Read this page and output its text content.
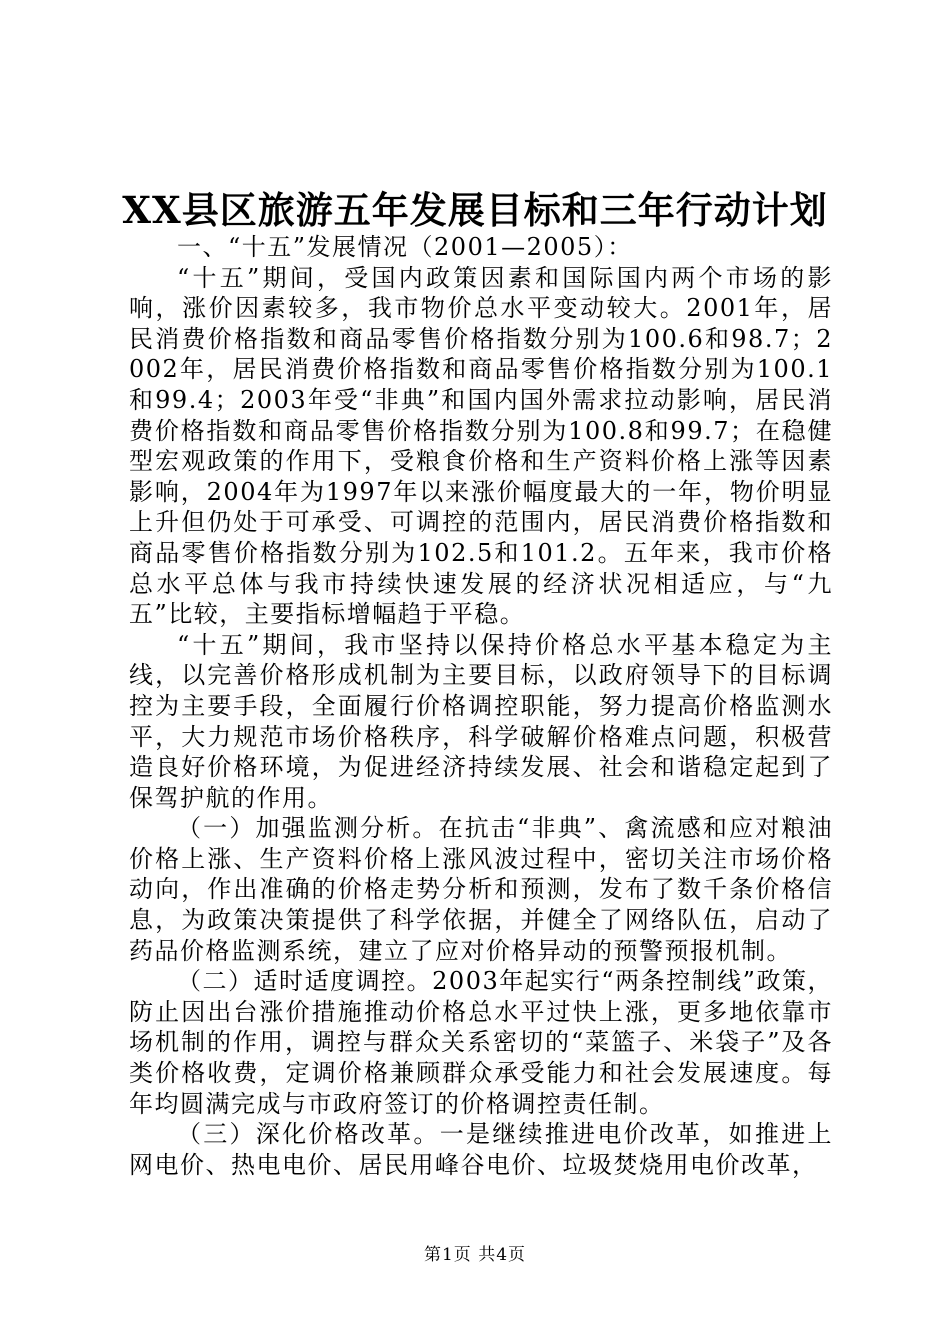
XX县区旅游五年发展目标和三年行动计划

一、“十五”发展情况（2001—2005）：

“十五”期间，受国内政策因素和国际国内两个市场的影响，涨价因素较多，我市物价总水平变动较大。2001年，居民消费价格指数和商品零售价格指数分别为100.6和98.7；2002年，居民消费价格指数和商品零售价格指数分别为100.1和99.4；2003年受“非典”和国内国外需求拉动影响，居民消费价格指数和商品零售价格指数分别为100.8和99.7；在稳健型宏观政策的作用下，受粮食价格和生产资料价格上涨等因素影响，2004年为1997年以来涨价幅度最大的一年，物价明显上升但仍处于可承受、可调控的范围内，居民消费价格指数和商品零售价格指数分别为102.5和101.2。五年来，我市价格总水平总体与我市持续快速发展的经济状况相适应，与“九五”比较，主要指标增幅趋于平稳。

“十五”期间，我市坚持以保持价格总水平基本稳定为主线，以完善价格形成机制为主要目标，以政府领导下的目标调控为主要手段，全面履行价格调控职能，努力提高价格监测水平，大力规范市场价格秩序，科学破解价格难点问题，积极营造良好价格环境，为促进经济持续发展、社会和谐稳定起到了保驾护航的作用。

（一）加强监测分析。在抗击“非典”、禽流感和应对粮油价格上涨、生产资料价格上涨风波过程中，密切关注市场价格动向，作出准确的价格走势分析和预测，发布了数千条价格信息，为政策决策提供了科学依据，并健全了网络队伍，启动了药品价格监测系统，建立了应对价格异动的预警预报机制。

（二）适时适度调控。2003年起实行“两条控制线”政策，防止因出台涨价措施推动价格总水平过快上涨，更多地依靠市场机制的作用，调控与群众关系密切的“菜篮子、米袋子”及各类价格收费，定调价格兼顾群众承受能力和社会发展速度。每年均圆满完成与市政府签订的价格调控责任制。

（三）深化价格改革。一是继续推进电价改革，如推进上网电价、热电电价、居民用峰谷电价、垃圾焚烧用电价改革，

第1页 共4页
